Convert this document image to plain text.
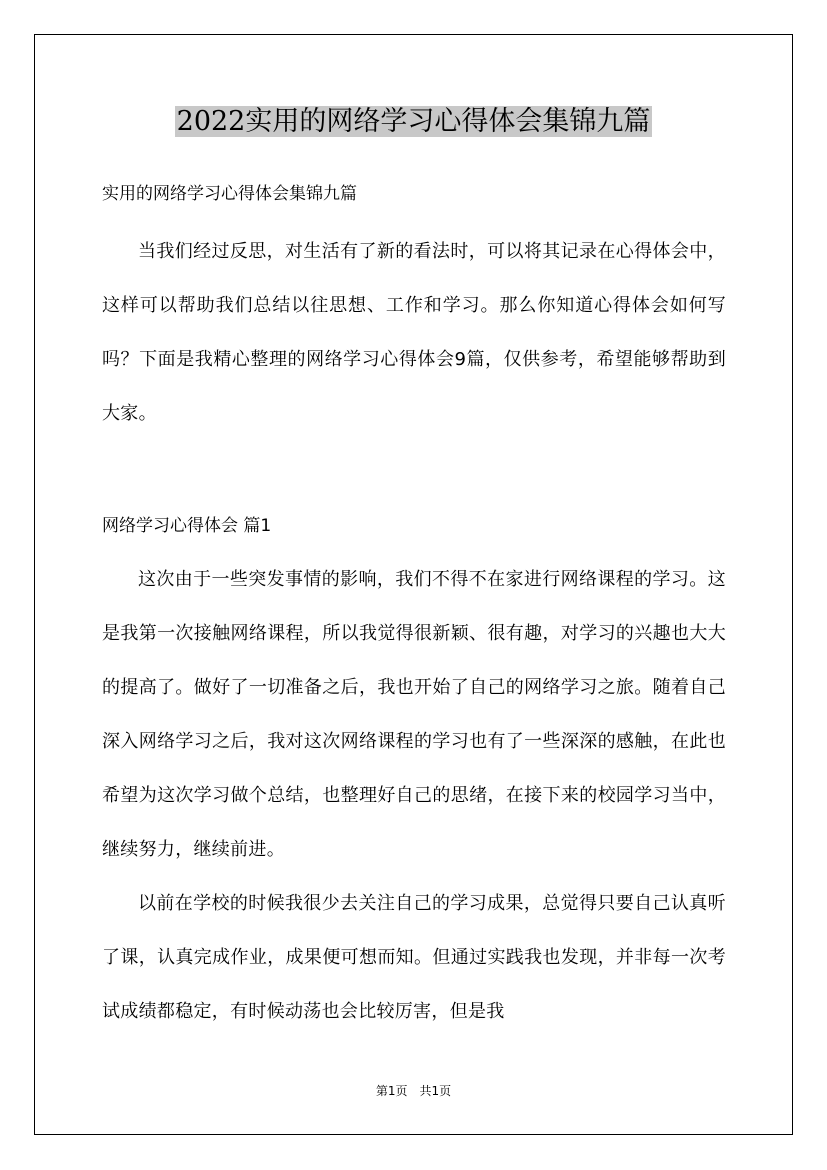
2022实用的网络学习心得体会集锦九篇

实用的网络学习心得体会集锦九篇

当我们经过反思，对生活有了新的看法时，可以将其记录在心得体会中，这样可以帮助我们总结以往思想、工作和学习。那么你知道心得体会如何写吗？下面是我精心整理的网络学习心得体会9篇，仅供参考，希望能够帮助到大家。

网络学习心得体会 篇1

这次由于一些突发事情的影响，我们不得不在家进行网络课程的学习。这是我第一次接触网络课程，所以我觉得很新颖、很有趣，对学习的兴趣也大大的提高了。做好了一切准备之后，我也开始了自己的网络学习之旅。随着自己深入网络学习之后，我对这次网络课程的学习也有了一些深深的感触，在此也希望为这次学习做个总结，也整理好自己的思绪，在接下来的校园学习当中，继续努力，继续前进。

以前在学校的时候我很少去关注自己的学习成果，总觉得只要自己认真听了课，认真完成作业，成果便可想而知。但通过实践我也发现，并非每一次考试成绩都稳定，有时候动荡也会比较厉害，但是我

第1页　共1页
